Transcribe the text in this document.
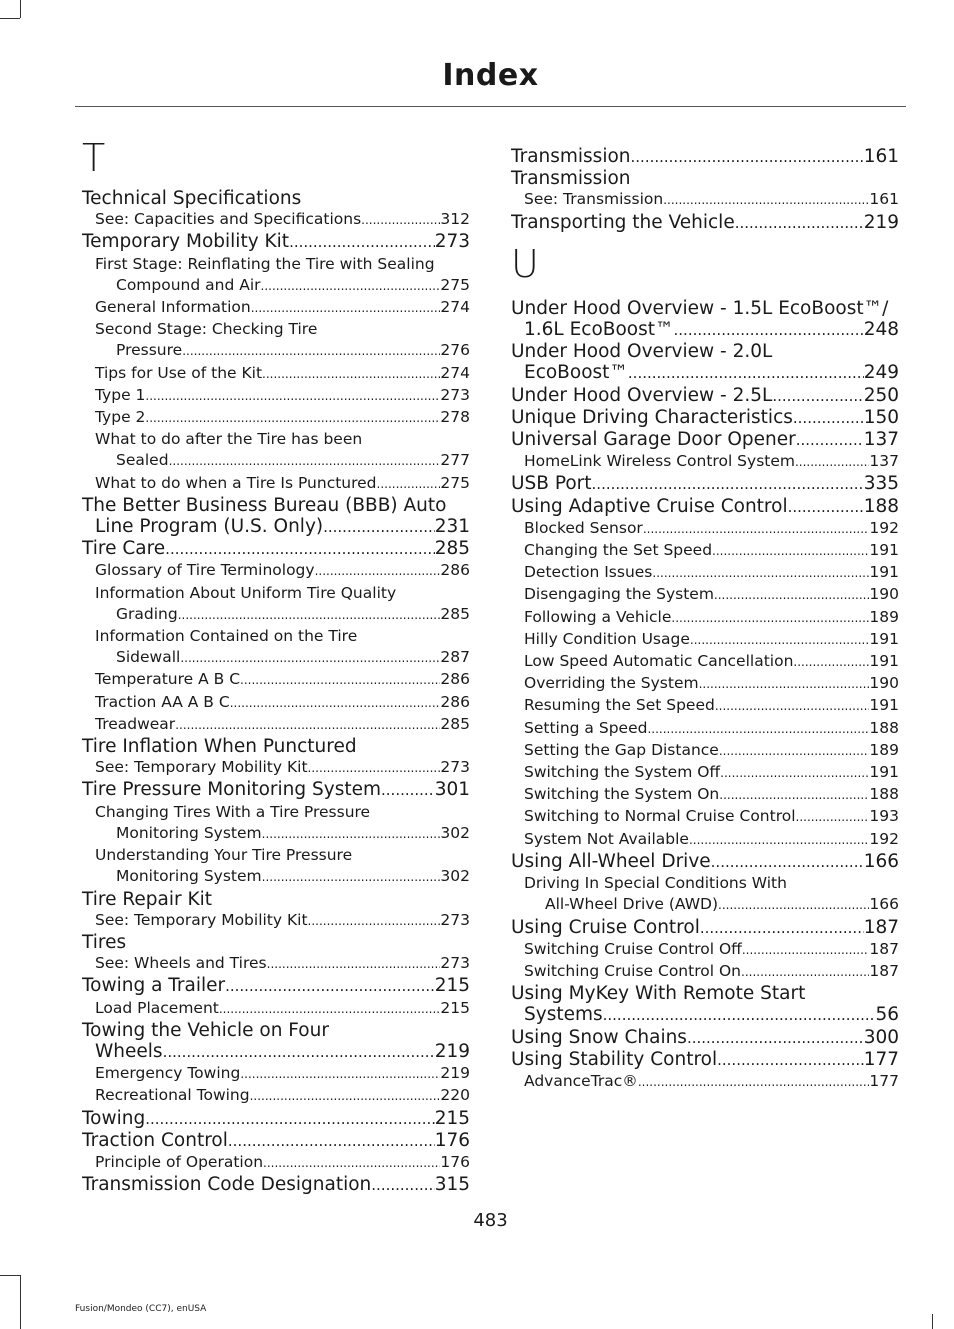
Index
T
Technical Specifications
See: Capacities and Specifications .....	312
Temporary Mobility Kit .....	273
First Stage: Reinflating the Tire with Sealing
Compound and Air .....	275
General Information .....	274
Second Stage: Checking Tire
Pressure .....	276
Tips for Use of the Kit .....	274
Type 1 .....	273
Type 2 .....	278
What to do after the Tire has been
Sealed .....	277
What to do when a Tire Is Punctured .....	275
The Better Business Bureau (BBB) Auto
Line Program (U.S. Only) .....	231
Tire Care .....	285
Glossary of Tire Terminology .....	286
Information About Uniform Tire Quality
Grading .....	285
Information Contained on the Tire
Sidewall .....	287
Temperature A B C .....	286
Traction AA A B C .....	286
Treadwear .....	285
Tire Inflation When Punctured
See: Temporary Mobility Kit .....	273
Tire Pressure Monitoring System .....	301
Changing Tires With a Tire Pressure
Monitoring System .....	302
Understanding Your Tire Pressure
Monitoring System .....	302
Tire Repair Kit
See: Temporary Mobility Kit .....	273
Tires
See: Wheels and Tires .....	273
Towing a Trailer .....	215
Load Placement .....	215
Towing the Vehicle on Four
Wheels .....	219
Emergency Towing .....	219
Recreational Towing .....	220
Towing .....	215
Traction Control .....	176
Principle of Operation .....	176
Transmission Code Designation .....	315
Transmission .....	161
Transmission
See: Transmission .....	161
Transporting the Vehicle .....	219
U
Under Hood Overview - 1.5L EcoBoost™/
1.6L EcoBoost™ .....	248
Under Hood Overview - 2.0L
EcoBoost™ .....	249
Under Hood Overview - 2.5L .....	250
Unique Driving Characteristics .....	150
Universal Garage Door Opener .....	137
HomeLink Wireless Control System .....	137
USB Port .....	335
Using Adaptive Cruise Control .....	188
Blocked Sensor .....	192
Changing the Set Speed .....	191
Detection Issues .....	191
Disengaging the System .....	190
Following a Vehicle .....	189
Hilly Condition Usage .....	191
Low Speed Automatic Cancellation .....	191
Overriding the System .....	190
Resuming the Set Speed .....	191
Setting a Speed .....	188
Setting the Gap Distance .....	189
Switching the System Off .....	191
Switching the System On .....	188
Switching to Normal Cruise Control .....	193
System Not Available .....	192
Using All-Wheel Drive .....	166
Driving In Special Conditions With
All-Wheel Drive (AWD) .....	166
Using Cruise Control .....	187
Switching Cruise Control Off .....	187
Switching Cruise Control On .....	187
Using MyKey With Remote Start
Systems .....	56
Using Snow Chains .....	300
Using Stability Control .....	177
AdvanceTrac® .....	177
483
Fusion/Mondeo (CC7), enUSA
